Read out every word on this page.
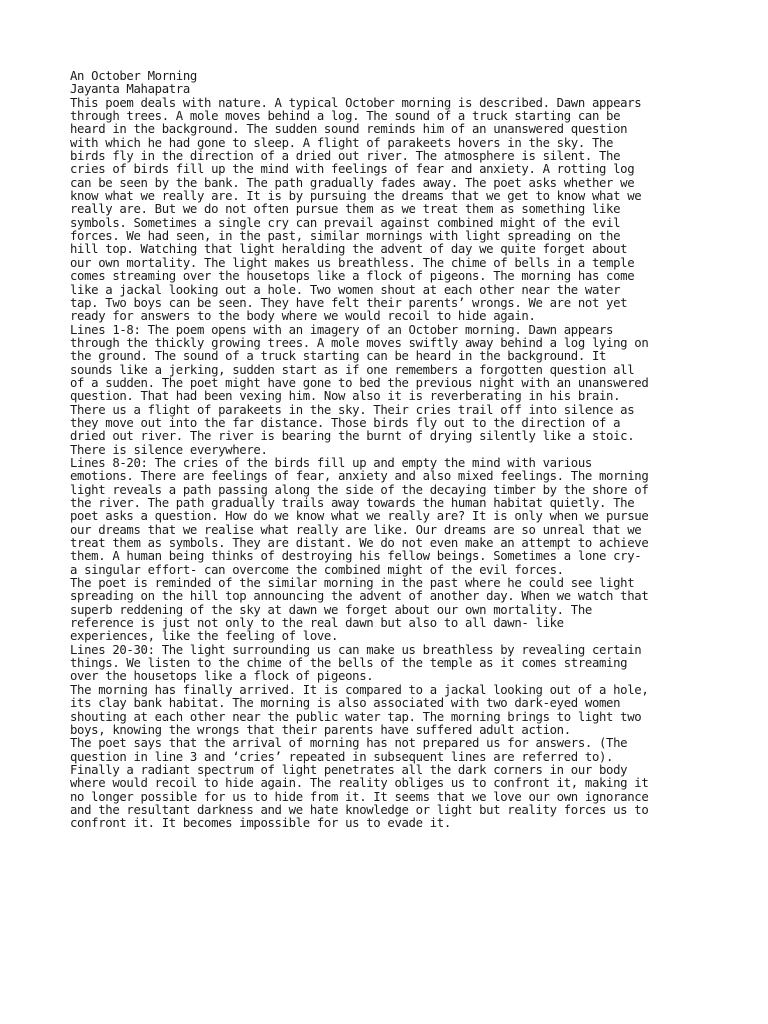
An October Morning
Jayanta Mahapatra
This poem deals with nature. A typical October morning is described. Dawn appears
through trees. A mole moves behind a log. The sound of a truck starting can be
heard in the background. The sudden sound reminds him of an unanswered question
with which he had gone to sleep. A flight of parakeets hovers in the sky. The
birds fly in the direction of a dried out river. The atmosphere is silent. The
cries of birds fill up the mind with feelings of fear and anxiety. A rotting log
can be seen by the bank. The path gradually fades away. The poet asks whether we
know what we really are. It is by pursuing the dreams that we get to know what we
really are. But we do not often pursue them as we treat them as something like
symbols. Sometimes a single cry can prevail against combined might of the evil
forces. We had seen, in the past, similar mornings with light spreading on the
hill top. Watching that light heralding the advent of day we quite forget about
our own mortality. The light makes us breathless. The chime of bells in a temple
comes streaming over the housetops like a flock of pigeons. The morning has come
like a jackal looking out a hole. Two women shout at each other near the water
tap. Two boys can be seen. They have felt their parents’ wrongs. We are not yet
ready for answers to the body where we would recoil to hide again.
Lines 1-8: The poem opens with an imagery of an October morning. Dawn appears
through the thickly growing trees. A mole moves swiftly away behind a log lying on
the ground. The sound of a truck starting can be heard in the background. It
sounds like a jerking, sudden start as if one remembers a forgotten question all
of a sudden. The poet might have gone to bed the previous night with an unanswered
question. That had been vexing him. Now also it is reverberating in his brain.
There us a flight of parakeets in the sky. Their cries trail off into silence as
they move out into the far distance. Those birds fly out to the direction of a
dried out river. The river is bearing the burnt of drying silently like a stoic.
There is silence everywhere.
Lines 8-20: The cries of the birds fill up and empty the mind with various
emotions. There are feelings of fear, anxiety and also mixed feelings. The morning
light reveals a path passing along the side of the decaying timber by the shore of
the river. The path gradually trails away towards the human habitat quietly. The
poet asks a question. How do we know what we really are? It is only when we pursue
our dreams that we realise what really are like. Our dreams are so unreal that we
treat them as symbols. They are distant. We do not even make an attempt to achieve
them. A human being thinks of destroying his fellow beings. Sometimes a lone cry-
a singular effort- can overcome the combined might of the evil forces.
The poet is reminded of the similar morning in the past where he could see light
spreading on the hill top announcing the advent of another day. When we watch that
superb reddening of the sky at dawn we forget about our own mortality. The
reference is just not only to the real dawn but also to all dawn- like
experiences, like the feeling of love.
Lines 20-30: The light surrounding us can make us breathless by revealing certain
things. We listen to the chime of the bells of the temple as it comes streaming
over the housetops like a flock of pigeons.
The morning has finally arrived. It is compared to a jackal looking out of a hole,
its clay bank habitat. The morning is also associated with two dark-eyed women
shouting at each other near the public water tap. The morning brings to light two
boys, knowing the wrongs that their parents have suffered adult action.
The poet says that the arrival of morning has not prepared us for answers. (The
question in line 3 and ‘cries’ repeated in subsequent lines are referred to).
Finally a radiant spectrum of light penetrates all the dark corners in our body
where would recoil to hide again. The reality obliges us to confront it, making it
no longer possible for us to hide from it. It seems that we love our own ignorance
and the resultant darkness and we hate knowledge or light but reality forces us to
confront it. It becomes impossible for us to evade it.
